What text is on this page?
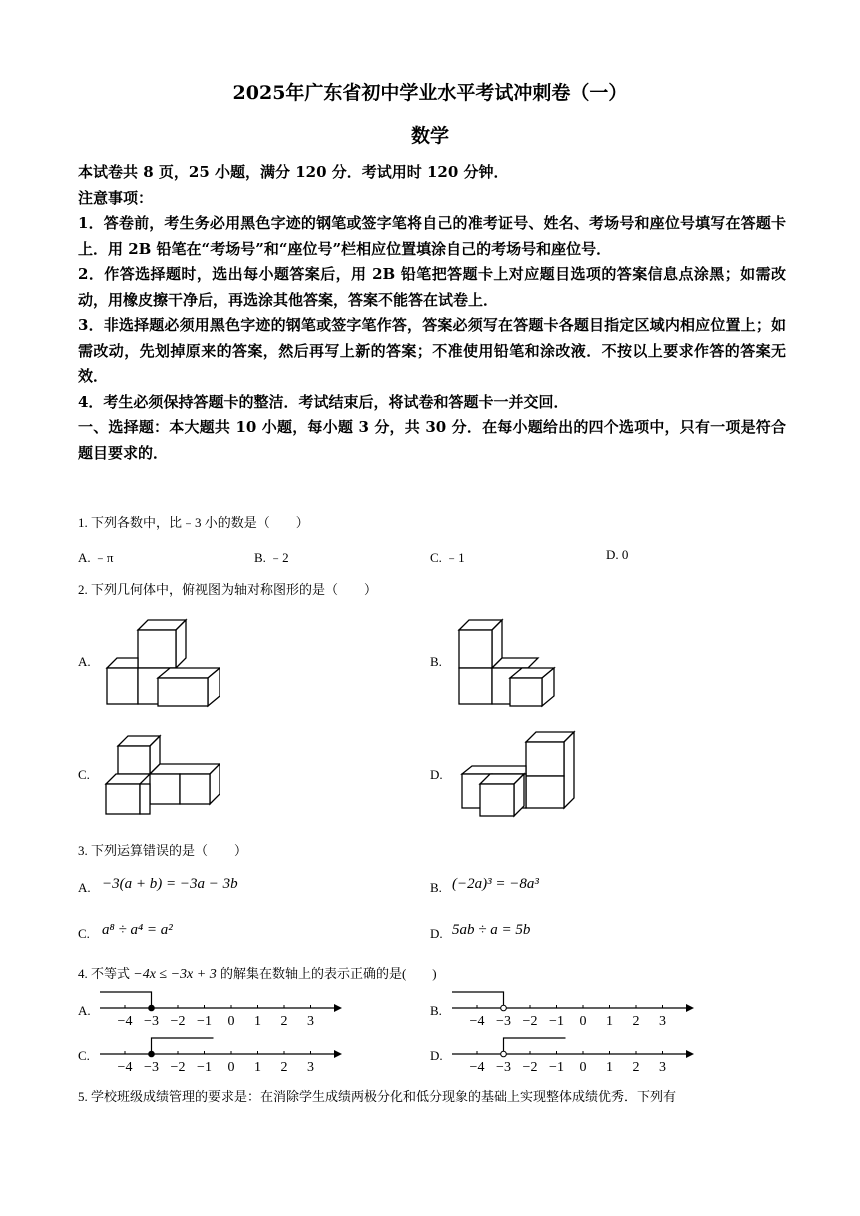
2025年广东省初中学业水平考试冲刺卷（一）
数学

本试卷共 8 页，25 小题，满分 120 分．考试用时 120 分钟．

注意事项：

1．答卷前，考生务必用黑色字迹的钢笔或签字笔将自己的准考证号、姓名、考场号和座位号填写在答题卡上．用 2B 铅笔在“考场号”和“座位号”栏相应位置填涂自己的考场号和座位号．

2．作答选择题时，选出每小题答案后，用 2B 铅笔把答题卡上对应题目选项的答案信息点涂黑；如需改动，用橡皮擦干净后，再选涂其他答案，答案不能答在试卷上．

3．非选择题必须用黑色字迹的钢笔或签字笔作答，答案必须写在答题卡各题目指定区域内相应位置上；如需改动，先划掉原来的答案，然后再写上新的答案；不准使用铅笔和涂改液．不按以上要求作答的答案无效．

4．考生必须保持答题卡的整洁．考试结束后，将试卷和答题卡一并交回．

一、选择题：本大题共 10 小题，每小题 3 分，共 30 分．在每小题给出的四个选项中，只有一项是符合题目要求的．

1. 下列各数中，比﹣3 小的数是（　　）
A. ﹣π	B. ﹣2	C. ﹣1	D. 0
2. 下列几何体中，俯视图为轴对称图形的是（　　）
A.	B.
C.	D.
3. 下列运算错误的是（　　）
A. −3(a + b) = −3a − 3b	B. (−2a)³ = −8a³
C. a⁸ ÷ a⁴ = a²	D. 5ab ÷ a = 5b
4. 不等式 −4x ≤ −3x + 3 的解集在数轴上的表示正确的是(　　)
A.	B.
C.	D.
−4 −3 −2 −1 0 1 2 3	−4 −3 −2 −1 0 1 2 3
−4 −3 −2 −1 0 1 2 3	−4 −3 −2 −1 0 1 2 3
5. 学校班级成绩管理的要求是：在消除学生成绩两极分化和低分现象的基础上实现整体成绩优秀．下列有
